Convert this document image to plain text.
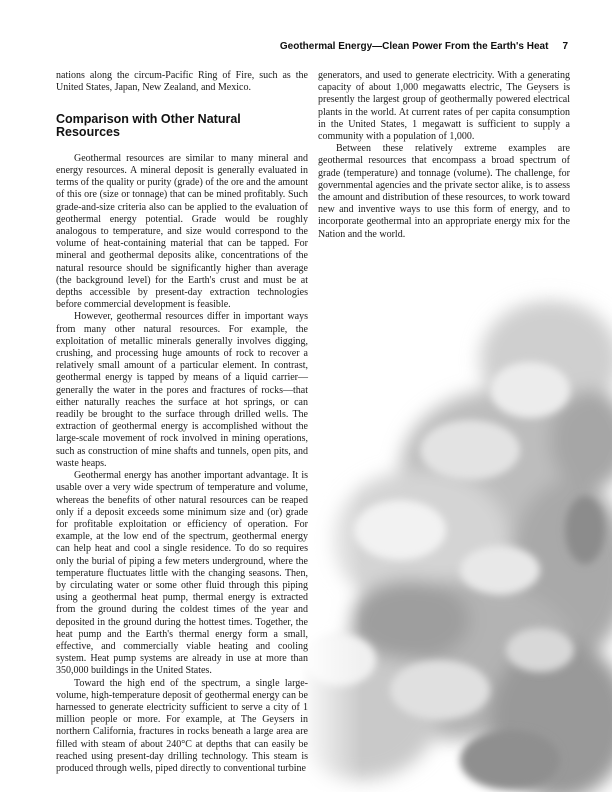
Geothermal Energy—Clean Power From the Earth's Heat 7

nations along the circum-Pacific Ring of Fire, such as the United States, Japan, New Zealand, and Mexico.

Comparison with Other Natural Resources

Geothermal resources are similar to many mineral and energy resources. A mineral deposit is generally evaluated in terms of the quality or purity (grade) of the ore and the amount of this ore (size or tonnage) that can be mined profitably. Such grade-and-size criteria also can be applied to the evaluation of geothermal energy potential. Grade would be roughly analogous to temperature, and size would correspond to the volume of heat-containing material that can be tapped. For mineral and geothermal deposits alike, concentrations of the natural resource should be significantly higher than average (the background level) for the Earth's crust and must be at depths accessible by present-day extraction technologies before commercial development is feasible.

However, geothermal resources differ in important ways from many other natural resources. For example, the exploitation of metallic minerals generally involves digging, crushing, and processing huge amounts of rock to recover a relatively small amount of a particular element. In contrast, geothermal energy is tapped by means of a liquid carrier—generally the water in the pores and fractures of rocks—that either naturally reaches the surface at hot springs, or can readily be brought to the surface through drilled wells. The extraction of geothermal energy is accomplished without the large-scale movement of rock involved in mining operations, such as construction of mine shafts and tunnels, open pits, and waste heaps.

Geothermal energy has another important advantage. It is usable over a very wide spectrum of temperature and volume, whereas the benefits of other natural resources can be reaped only if a deposit exceeds some minimum size and (or) grade for profitable exploitation or efficiency of operation. For example, at the low end of the spectrum, geothermal energy can help heat and cool a single residence. To do so requires only the burial of piping a few meters underground, where the temperature fluctuates little with the changing seasons. Then, by circulating water or some other fluid through this piping using a geothermal heat pump, thermal energy is extracted from the ground during the coldest times of the year and deposited in the ground during the hottest times. Together, the heat pump and the Earth's thermal energy form a small, effective, and commercially viable heating and cooling system. Heat pump systems are already in use at more than 350,000 buildings in the United States.

Toward the high end of the spectrum, a single large-volume, high-temperature deposit of geothermal energy can be harnessed to generate electricity sufficient to serve a city of 1 million people or more. For example, at The Geysers in northern California, fractures in rocks beneath a large area are filled with steam of about 240°C at depths that can easily be reached using present-day drilling technology. This steam is produced through wells, piped directly to conventional turbine

generators, and used to generate electricity. With a generating capacity of about 1,000 megawatts electric, The Geysers is presently the largest group of geothermally powered electrical plants in the world. At current rates of per capita consumption in the United States, 1 megawatt is sufficient to supply a community with a population of 1,000.

Between these relatively extreme examples are geothermal resources that encompass a broad spectrum of grade (temperature) and tonnage (volume). The challenge, for governmental agencies and the private sector alike, is to assess the amount and distribution of these resources, to work toward new and inventive ways to use this form of energy, and to incorporate geothermal into an appropriate energy mix for the Nation and the world.
